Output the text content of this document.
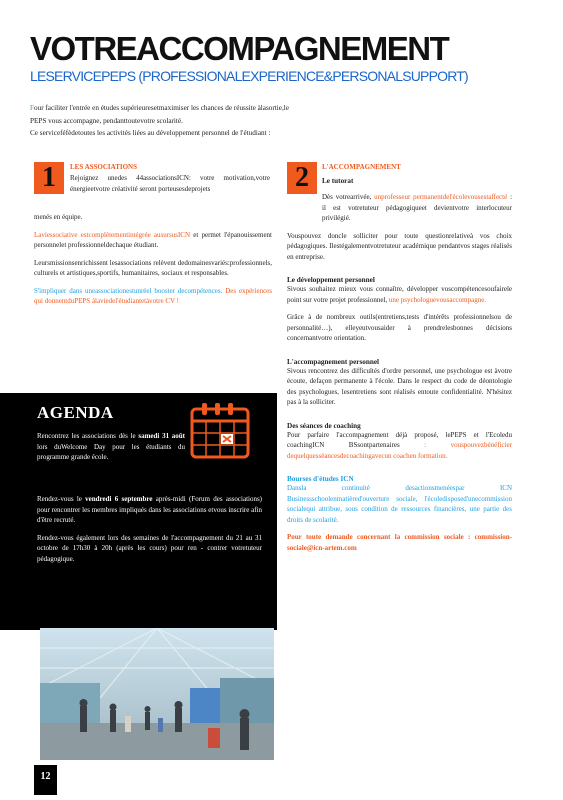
VOTREACCOMPAGNEMENT
LESERVICEPEPS (PROFESSIONALEXPERIENCE&PERSONALSUPPORT)
Four faciliter l'entrée en études supérieuresetmaximiser les chances de réussite àlasortie,le
PEPS vous accompagne, pendanttoutevotre scolarité.
Ce serviceféfèdetoutes les activités liées au développement personnel de l'étudiant :
1	LES ASSOCIATIONS
Rejoignez unedes 44associationsICN: votre motivation,votre énergieetvotre créativité seront porteusesdeprojets

menés en équipe.

Laviessociative estcomplètementintégrée ausursusICN et permet l'épanouissement personnelet professionneldechaque étudiant.

Leursmissionsenrichissent lesassociations relèvent dedomainesvariés:professionnels, culturels et artistiques,sportifs, humanitaires, sociaux et responsables.

S'impliquer dans uneassociationestunréel booster decompétences. Des expériences qui donnentduPEPS àlaviedel'étudiantetàvotre CV !

AGENDA

Rencontrez les associations dès le samedi 31 août lors duWelcome Day pour les étudiants du programme grande école.

Rendez-vous le vendredi 6 septembre après-midi (Forum des associations) pour rencontrer les membres impliqués dans les associations etvous inscrire afin d'être recruté.

Rendez-vous également lors des semaines de l'accompagnement du 21 au 31 octobre de 17h30 à 20h (après les cours) pour ren - contrer votretuteur pédagogique.

12
2	L'ACCOMPAGNEMENT
Le tutorat

Dès votrearrivée, unprofesseur permanentdel'écolevousestaffecté : il est votretuteur pédagogiqueet devientvotre interlocuteur privilégié.

Vouspouvez doncle solliciter pour toute questionrelativeà vos choix pédagogiques. Ilestégalementvotretuteur académique pendantvos stages réalisés en entreprise.

Le développement personnel

Sivous souhaitez mieux vous connaître, développer voscompétencesoufairele point sur votre projet professionnel, une psychologuevousaccompagne.

Grâce à de nombreux outils(entretiens,tests d'intérêts professionnelsou de personnalité…), elleyeutvousaider à prendrelesbonnes décisions concernantvotre orientation.

L'accompagnement personnel

Sivous rencontrez des difficultés d'ordre personnel, une psychologue est àvotre écoute, defaçon permanente à l'école. Dans le respect du code de déontologie des psychologues, lesentretiens sont réalisés entoute confidentialité. N'hésitez pas à la solliciter.

Des séances de coaching

Pour parfaire l'accompagnement déjà proposé, lePEPS et l'Ecoledu coachingICN BSsontpartenaires	: vouspouvezbénéficier dequelquesséancesdecoachingavecun coachen formation.

Bourses d'études ICN

Dansla continuité desactionsmenéespar ICN Businessschoolenmatièred'ouverture sociale, l'écoledisposed'unecommission socialequi attribue, sous condition de ressources financières, une partie des droits de scolarité.

Pour toute demande concernant la commission sociale : commission-sociale@icn-artem.com
